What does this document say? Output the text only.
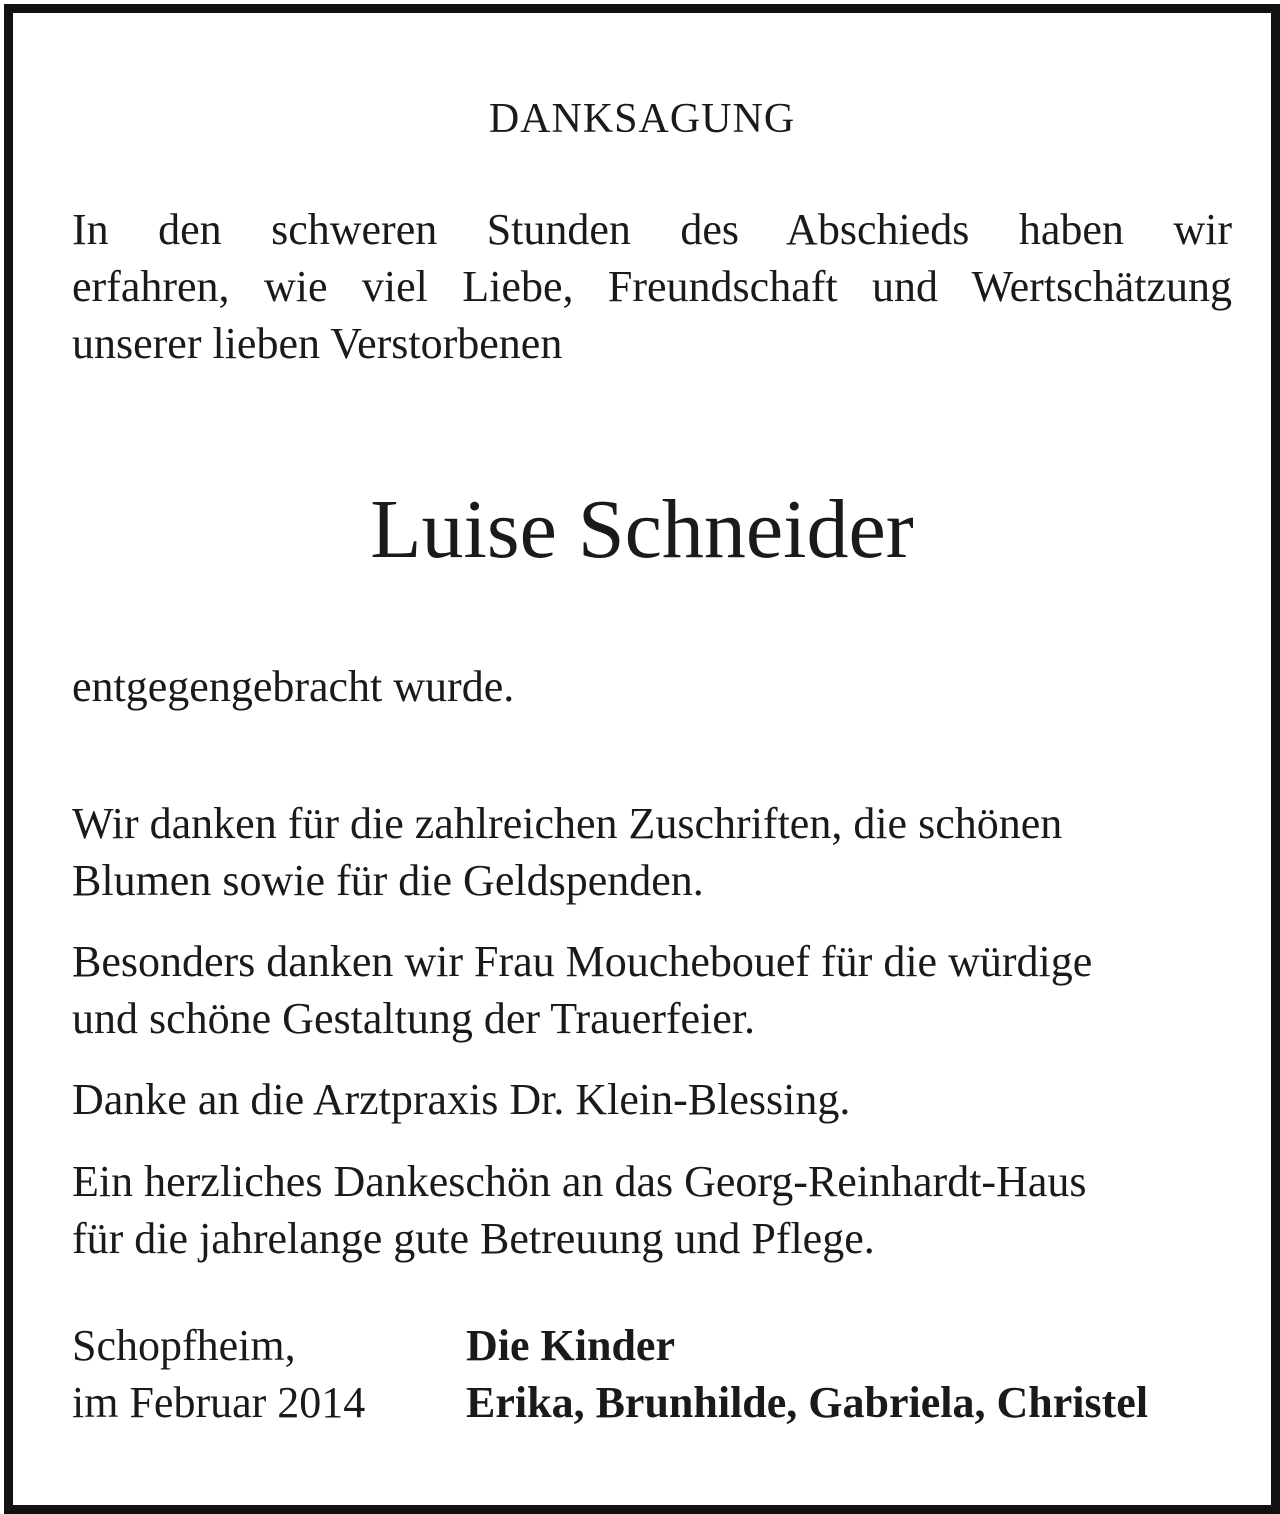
DANKSAGUNG
In den schweren Stunden des Abschieds haben wir
erfahren, wie viel Liebe, Freundschaft und Wertschätzung
unserer lieben Verstorbenen
Luise Schneider
entgegengebracht wurde.
Wir danken für die zahlreichen Zuschriften, die schönen
Blumen sowie für die Geldspenden.
Besonders danken wir Frau Mouchebouef für die würdige
und schöne Gestaltung der Trauerfeier.
Danke an die Arztpraxis Dr. Klein-Blessing.
Ein herzliches Dankeschön an das Georg-Reinhardt-Haus
für die jahrelange gute Betreuung und Pflege.
Schopfheim,
im Februar 2014
Die Kinder
Erika, Brunhilde, Gabriela, Christel
